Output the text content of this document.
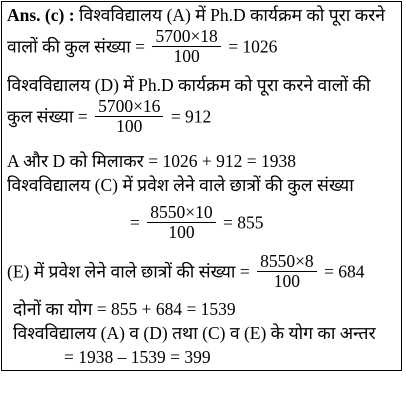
Ans. (c) : विश्वविद्यालय (A) में Ph.D कार्यक्रम को पूरा करने
वालों की कुल संख्या = $\frac{5700\times 18}{100} = 1026$
विश्वविद्यालय (D) में Ph.D कार्यक्रम को पूरा करने वालों की
कुल संख्या = $\frac{5700\times 16}{100} = 912$
A और D को मिलाकर = 1026 + 912 = 1938
विश्वविद्यालय (C) में प्रवेश लेने वाले छात्रों की कुल संख्या
= $\frac{8550\times 10}{100} = 855$
(E) में प्रवेश लेने वाले छात्रों की संख्या = $\frac{8550\times 8}{100} = 684$
दोनों का योग = 855 + 684 = 1539
विश्वविद्यालय (A) व (D) तथा (C) व (E) के योग का अन्तर
= 1938 – 1539 = 399
